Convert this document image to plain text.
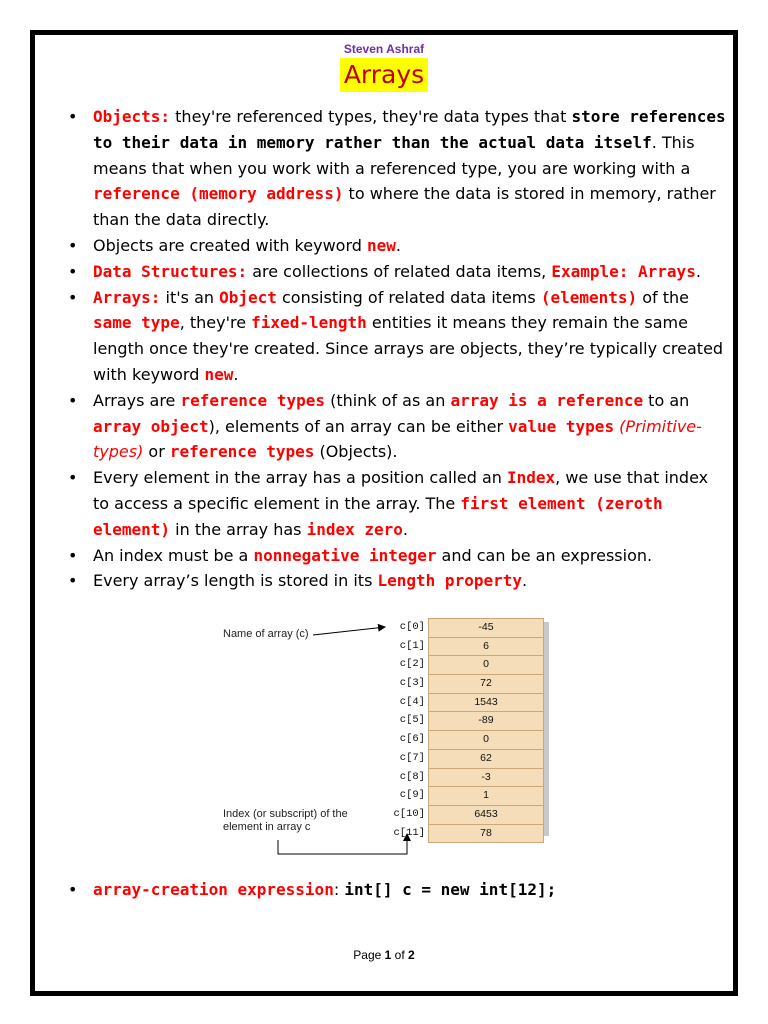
Steven Ashraf
Arrays
• Objects: they're referenced types, they're data types that store references to their data in memory rather than the actual data itself. This means that when you work with a referenced type, you are working with a reference (memory address) to where the data is stored in memory, rather than the data directly.
• Objects are created with keyword new.
• Data Structures: are collections of related data items, Example: Arrays.
• Arrays: it's an Object consisting of related data items (elements) of the same type, they're fixed-length entities it means they remain the same length once they're created. Since arrays are objects, they’re typically created with keyword new.
• Arrays are reference types (think of as an array is a reference to an array object), elements of an array can be either value types (Primitive-types) or reference types (Objects).
• Every element in the array has a position called an Index, we use that index to access a specific element in the array. The first element (zeroth element) in the array has index zero.
• An index must be a nonnegative integer and can be an expression.
• Every array’s length is stored in its Length property.
Name of array (c)
Index (or subscript) of the element in array c
c[0]
c[1]
c[2]
c[3]
c[4]
c[5]
c[6]
c[7]
c[8]
c[9]
c[10]
c[11]
-45
6
0
72
1543
-89
0
62
-3
1
6453
78
• array-creation expression: int[] c = new int[12];
Page 1 of 2
